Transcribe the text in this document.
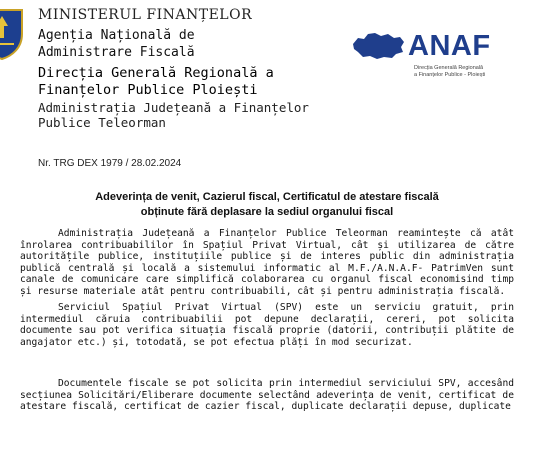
MINISTERUL FINANȚELOR
Agenția Națională de
Administrare Fiscală
Direcția Generală Regională a
Finanțelor Publice Ploiești
Administrația Județeană a Finanțelor
Publice Teleorman
Nr. TRG DEX 1979 / 28.02.2024
ANAF
Direcția Generală Regională
a Finanțelor Publice - Ploiești
Adeverința de venit, Cazierul fiscal, Certificatul de atestare fiscală
obținute fără deplasare la sediul organului fiscal

Administrația Județeană a Finanțelor Publice Teleorman reamintește că atât înrolarea contribuabililor în Spațiul Privat Virtual, cât și utilizarea de către autoritățile publice, instituțiile publice și de interes public din administrația publică centrală și locală a sistemului informatic al M.F./A.N.A.F- PatrimVen sunt canale de comunicare care simplifică colaborarea cu organul fiscal economisind timp și resurse materiale atât pentru contribuabili, cât și pentru administrația fiscală.

Serviciul Spațiul Privat Virtual (SPV) este un serviciu gratuit, prin intermediul căruia contribuabilii pot depune declarații, cereri, pot solicita documente sau pot verifica situația fiscală proprie (datorii, contribuții plătite de angajator etc.) și, totodată, se pot efectua plăți în mod securizat.

Documentele fiscale se pot solicita prin intermediul serviciului SPV, accesând secțiunea Solicitări/Eliberare documente selectând adeverința de venit, certificat de atestare fiscală, certificat de cazier fiscal, duplicate declarații depuse, duplicate
